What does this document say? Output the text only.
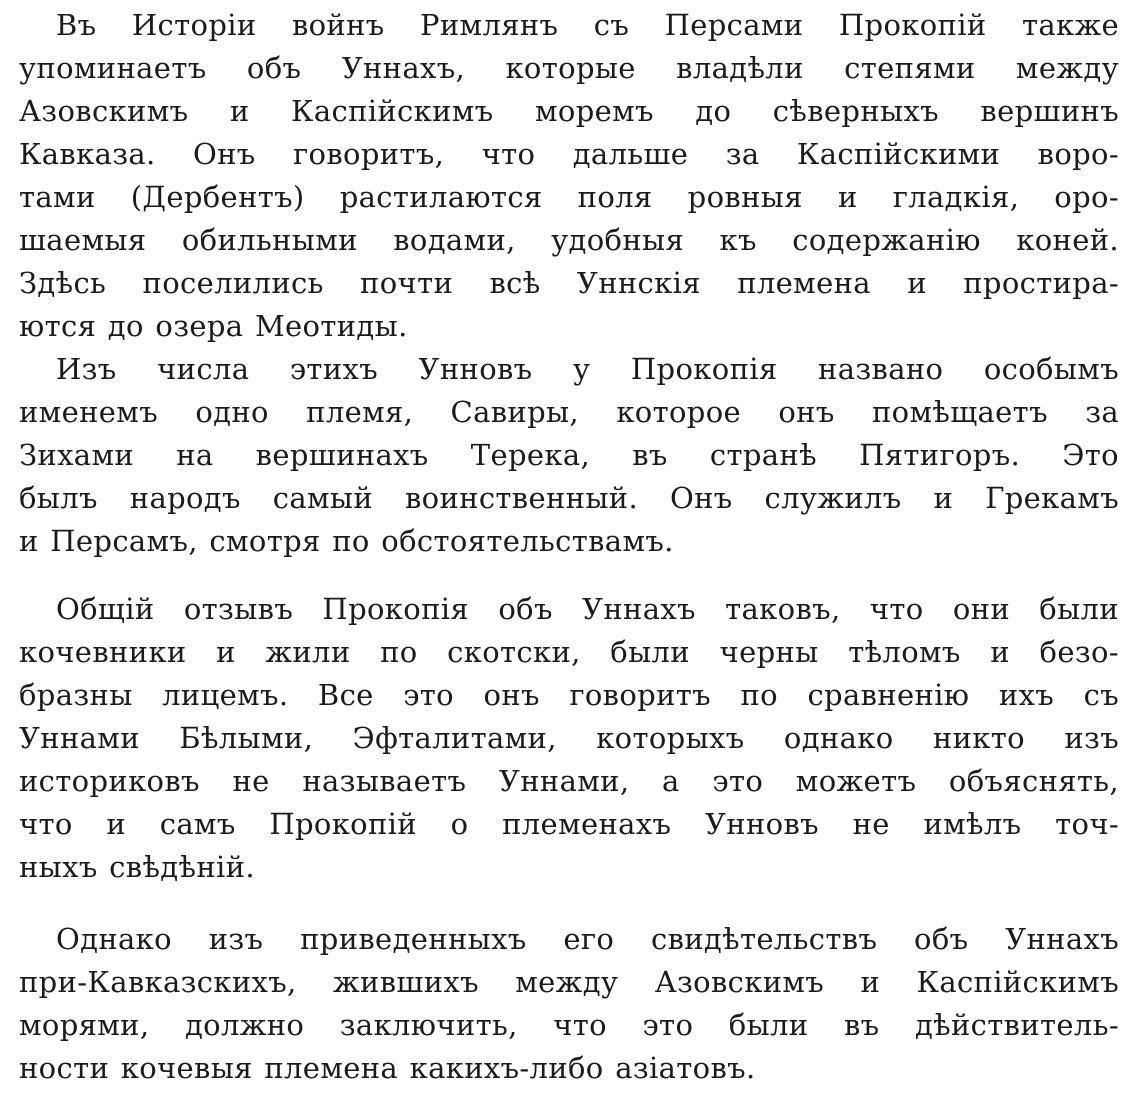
Въ Исторіи войнъ Римлянъ съ Персами Прокопій также
упоминаетъ объ Уннахъ, которые владѣли степями между
Азовскимъ и Каспійскимъ моремъ до сѣверныхъ вершинъ
Кавказа. Онъ говоритъ, что дальше за Каспійскими воро-
тами (Дербентъ) растилаются поля ровныя и гладкія, оро-
шаемыя обильными водами, удобныя къ содержанію коней.
Здѣсь поселились почти всѣ Уннскія племена и простира-
ются до озера Меотиды.
Изъ числа этихъ Унновъ у Прокопія названо особымъ
именемъ одно племя, Савиры, которое онъ помѣщаетъ за
Зихами на вершинахъ Терека, въ странѣ Пятигоръ. Это
былъ народъ самый воинственный. Онъ служилъ и Грекамъ
и Персамъ, смотря по обстоятельствамъ.
Общій отзывъ Прокопія объ Уннахъ таковъ, что они были
кочевники и жили по скотски, были черны тѣломъ и безо-
бразны лицемъ. Все это онъ говоритъ по сравненію ихъ съ
Уннами Бѣлыми, Эфталитами, которыхъ однако никто изъ
историковъ не называетъ Уннами, а это можетъ объяснять,
что и самъ Прокопій о племенахъ Унновъ не имѣлъ точ-
ныхъ свѣдѣній.
Однако изъ приведенныхъ его свидѣтельствъ объ Уннахъ
при-Кавказскихъ, жившихъ между Азовскимъ и Каспійскимъ
морями, должно заключить, что это были въ дѣйствитель-
ности кочевыя племена какихъ-либо азіатовъ.
